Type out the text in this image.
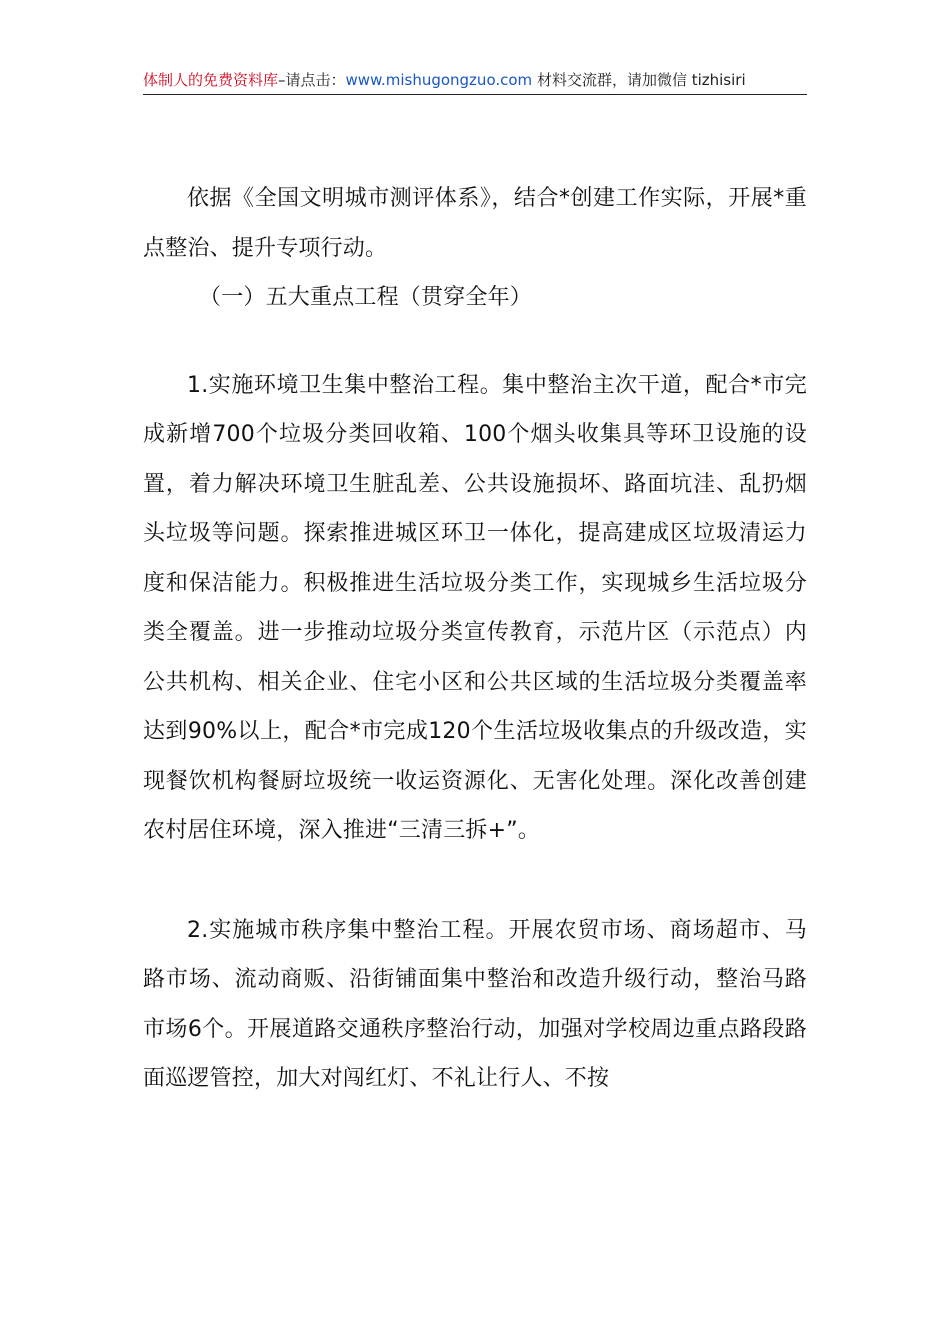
体制人的免费资料库–请点击：www.mishugongzuo.com 材料交流群，请加微信 tizhisiri

依据《全国文明城市测评体系》，结合*创建工作实际，开展*重点整治、提升专项行动。

（一）五大重点工程（贯穿全年）

1.实施环境卫生集中整治工程。集中整治主次干道，配合*市完成新增700个垃圾分类回收箱、100个烟头收集具等环卫设施的设置，着力解决环境卫生脏乱差、公共设施损坏、路面坑洼、乱扔烟头垃圾等问题。探索推进城区环卫一体化，提高建成区垃圾清运力度和保洁能力。积极推进生活垃圾分类工作，实现城乡生活垃圾分类全覆盖。进一步推动垃圾分类宣传教育，示范片区（示范点）内公共机构、相关企业、住宅小区和公共区域的生活垃圾分类覆盖率达到90%以上，配合*市完成120个生活垃圾收集点的升级改造，实现餐饮机构餐厨垃圾统一收运资源化、无害化处理。深化改善创建农村居住环境，深入推进“三清三拆+”。

2.实施城市秩序集中整治工程。开展农贸市场、商场超市、马路市场、流动商贩、沿街铺面集中整治和改造升级行动，整治马路市场6个。开展道路交通秩序整治行动，加强对学校周边重点路段路面巡逻管控，加大对闯红灯、不礼让行人、不按
